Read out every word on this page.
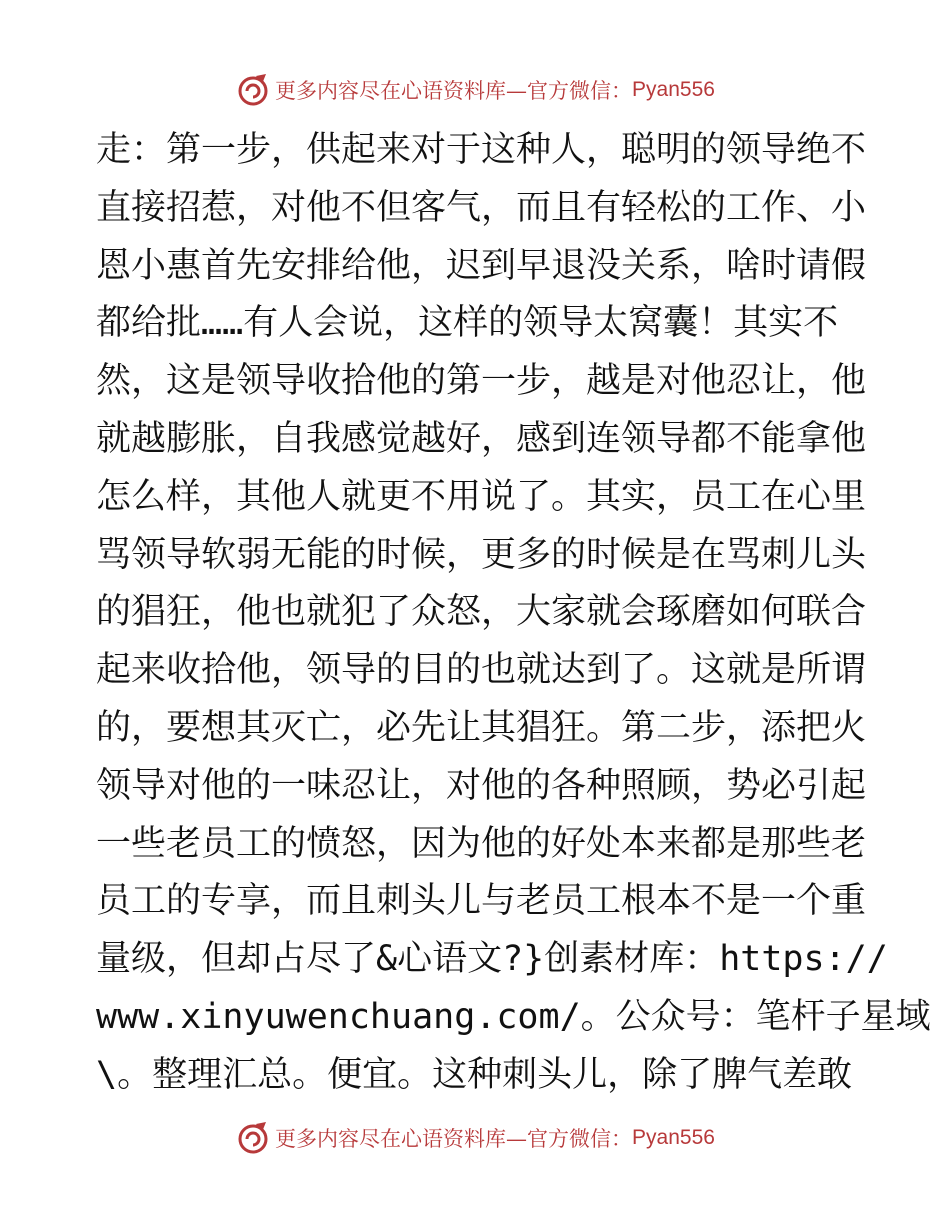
更多内容尽在心语资料库—官方微信： Pyan556
走：第一步，供起来对于这种人，聪明的领导绝不
直接招惹，对他不但客气，而且有轻松的工作、小
恩小惠首先安排给他，迟到早退没关系，啥时请假
都给批……有人会说，这样的领导太窝囊！其实不
然，这是领导收拾他的第一步，越是对他忍让，他
就越膨胀，自我感觉越好，感到连领导都不能拿他
怎么样，其他人就更不用说了。其实，员工在心里
骂领导软弱无能的时候，更多的时候是在骂刺儿头
的猖狂，他也就犯了众怒，大家就会琢磨如何联合
起来收拾他，领导的目的也就达到了。这就是所谓
的，要想其灭亡，必先让其猖狂。第二步，添把火
领导对他的一味忍让，对他的各种照顾，势必引起
一些老员工的愤怒，因为他的好处本来都是那些老
员工的专享，而且刺头儿与老员工根本不是一个重
量级，但却占尽了&心语文?}创素材库：https://
www.xinyuwenchuang.com/。公众号：笔杆子星域
\。整理汇总。便宜。这种刺头儿，除了脾气差敢
更多内容尽在心语资料库—官方微信： Pyan556
